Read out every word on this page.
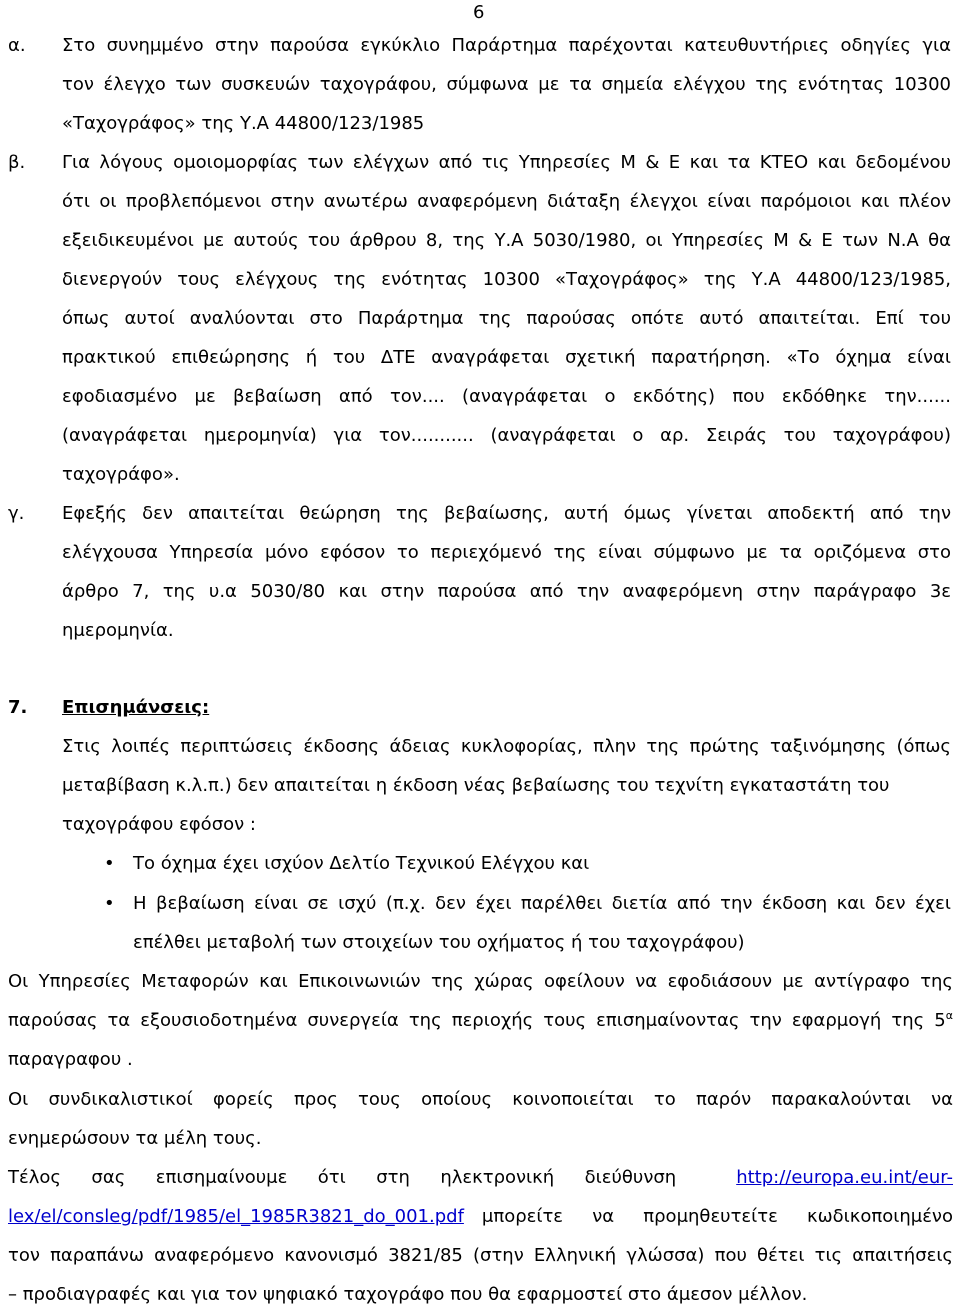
6
α. Στο συνημμένο στην παρούσα εγκύκλιο Παράρτημα παρέχονται κατευθυντήριες οδηγίες για
τον έλεγχο των συσκευών ταχογράφου, σύμφωνα με τα σημεία ελέγχου της ενότητας 10300
«Ταχογράφος» της Υ.Α 44800/123/1985
β. Για λόγους ομοιομορφίας των ελέγχων από τις Υπηρεσίες Μ & Ε και τα ΚΤΕΟ και δεδομένου
ότι οι προβλεπόμενοι στην ανωτέρω αναφερόμενη διάταξη έλεγχοι είναι παρόμοιοι και πλέον
εξειδικευμένοι με αυτούς του άρθρου 8, της Υ.Α 5030/1980, οι Υπηρεσίες Μ & Ε των Ν.Α θα
διενεργούν τους ελέγχους της ενότητας 10300 «Ταχογράφος» της Υ.Α 44800/123/1985,
όπως αυτοί αναλύονται στο Παράρτημα της παρούσας οπότε αυτό απαιτείται. Επί του
πρακτικού επιθεώρησης ή του ΔΤΕ αναγράφεται σχετική παρατήρηση. «Το όχημα είναι
εφοδιασμένο με βεβαίωση από τον.... (αναγράφεται ο εκδότης) που εκδόθηκε την......
(αναγράφεται ημερομηνία) για τον........... (αναγράφεται ο αρ. Σειράς του ταχογράφου)
ταχογράφο».
γ. Εφεξής δεν απαιτείται θεώρηση της βεβαίωσης, αυτή όμως γίνεται αποδεκτή από την
ελέγχουσα Υπηρεσία μόνο εφόσον το περιεχόμενό της είναι σύμφωνο με τα οριζόμενα στο
άρθρο 7, της υ.α 5030/80 και στην παρούσα από την αναφερόμενη στην παράγραφο 3ε
ημερομηνία.
7. Επισημάνσεις:
Στις λοιπές περιπτώσεις έκδοσης άδειας κυκλοφορίας, πλην της πρώτης ταξινόμησης (όπως
μεταβίβαση κ.λ.π.) δεν απαιτείται η έκδοση νέας βεβαίωσης του τεχνίτη εγκαταστάτη του
ταχογράφου εφόσον :
• Το όχημα έχει ισχύον Δελτίο Τεχνικού Ελέγχου και
• Η βεβαίωση είναι σε ισχύ (π.χ. δεν έχει παρέλθει διετία από την έκδοση και δεν έχει
επέλθει μεταβολή των στοιχείων του οχήματος ή του ταχογράφου)
Οι Υπηρεσίες Μεταφορών και Επικοινωνιών της χώρας οφείλουν να εφοδιάσουν με αντίγραφο της
παρούσας τα εξουσιοδοτημένα συνεργεία της περιοχής τους επισημαίνοντας την εφαρμογή της $5^\alpha$
παραγραφου .
Οι συνδικαλιστικοί φορείς προς τους οποίους κοινοποιείται το παρόν παρακαλούνται να
ενημερώσουν τα μέλη τους.
Τέλος σας επισημαίνουμε ότι στη ηλεκτρονική διεύθυνση	http://europa.eu.int/eur-
lex/el/consleg/pdf/1985/el_1985R3821_do_001.pdf μπορείτε να προμηθευτείτε κωδικοποιημένο
τον παραπάνω αναφερόμενο κανονισμό 3821/85 (στην Ελληνική γλώσσα) που θέτει τις απαιτήσεις
– προδιαγραφές και για τον ψηφιακό ταχογράφο που θα εφαρμοστεί στο άμεσον μέλλον.
